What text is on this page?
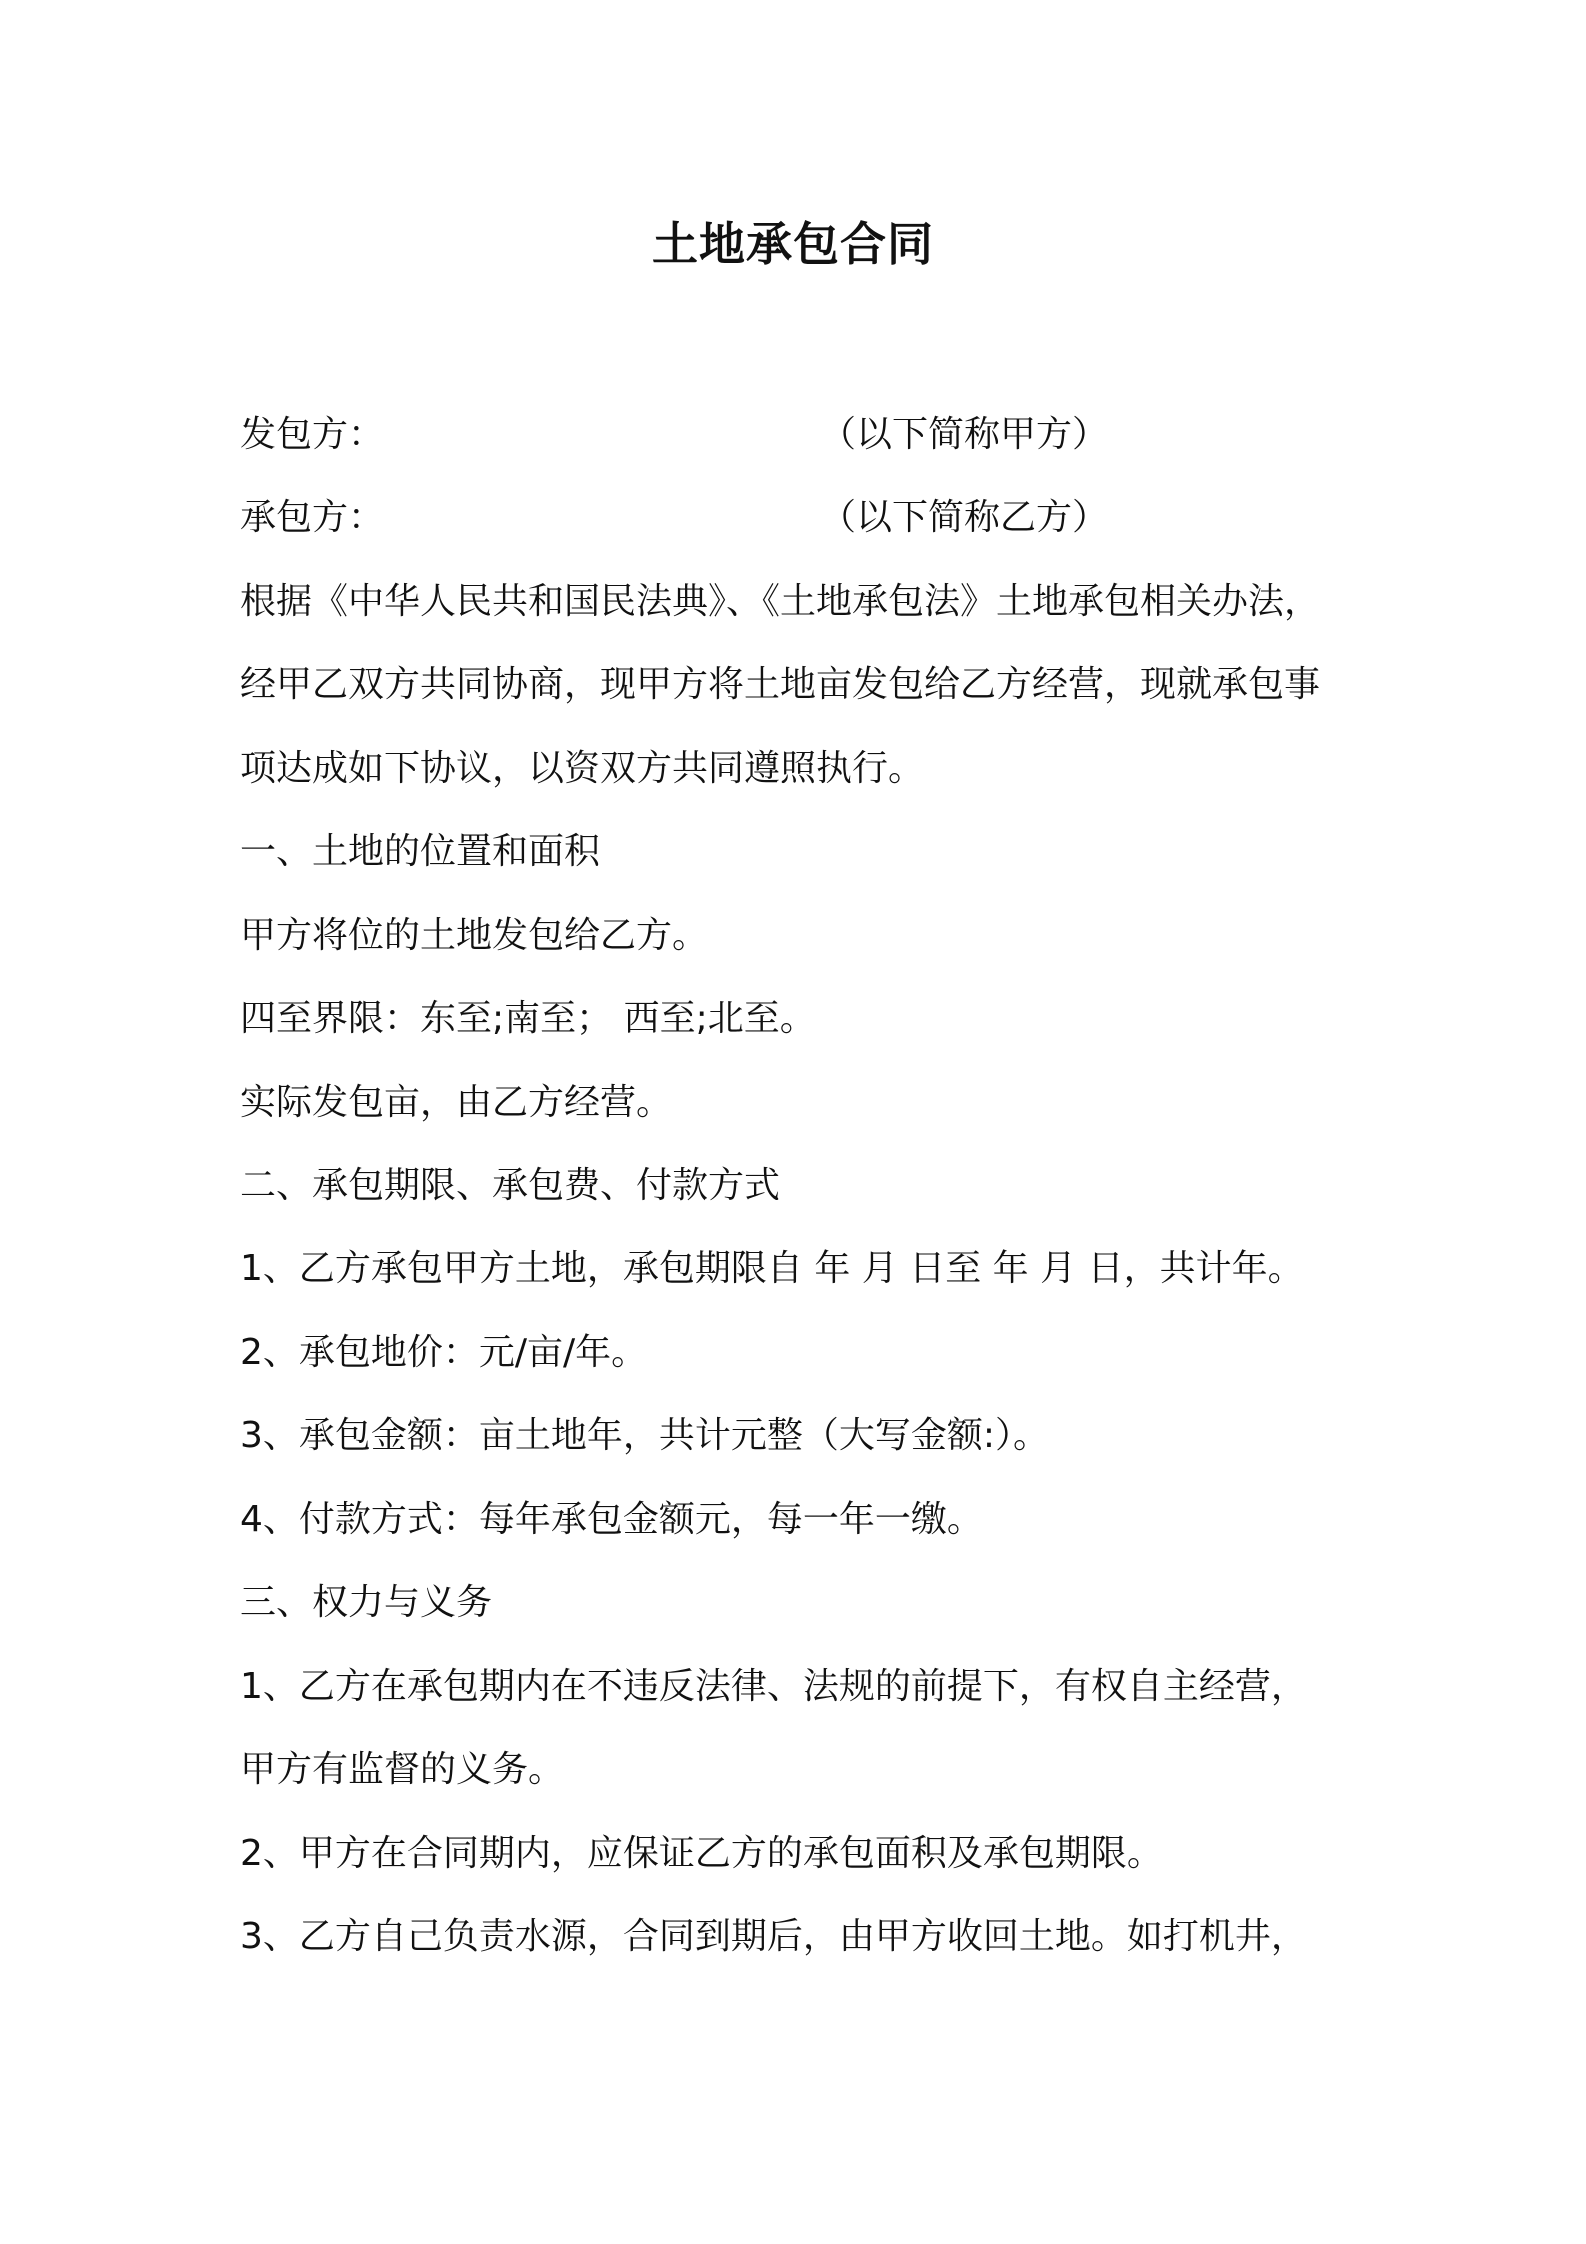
土地承包合同
发包方：	（以下简称甲方）
承包方：	（以下简称乙方）
根据《中华人民共和国民法典》、《土地承包法》土地承包相关办法，
经甲乙双方共同协商，现甲方将土地亩发包给乙方经营，现就承包事
项达成如下协议，以资双方共同遵照执行。
一、土地的位置和面积
甲方将位的土地发包给乙方。
四至界限：东至;南至； 西至;北至。
实际发包亩，由乙方经营。
二、承包期限、承包费、付款方式
1、乙方承包甲方土地，承包期限自 年 月 日至 年 月 日，共计年。
2、承包地价：元/亩/年。
3、承包金额：亩土地年，共计元整（大写金额:）。
4、付款方式：每年承包金额元，每一年一缴。
三、权力与义务
1、乙方在承包期内在不违反法律、法规的前提下，有权自主经营，
甲方有监督的义务。
2、甲方在合同期内，应保证乙方的承包面积及承包期限。
3、乙方自己负责水源，合同到期后，由甲方收回土地。如打机井，
